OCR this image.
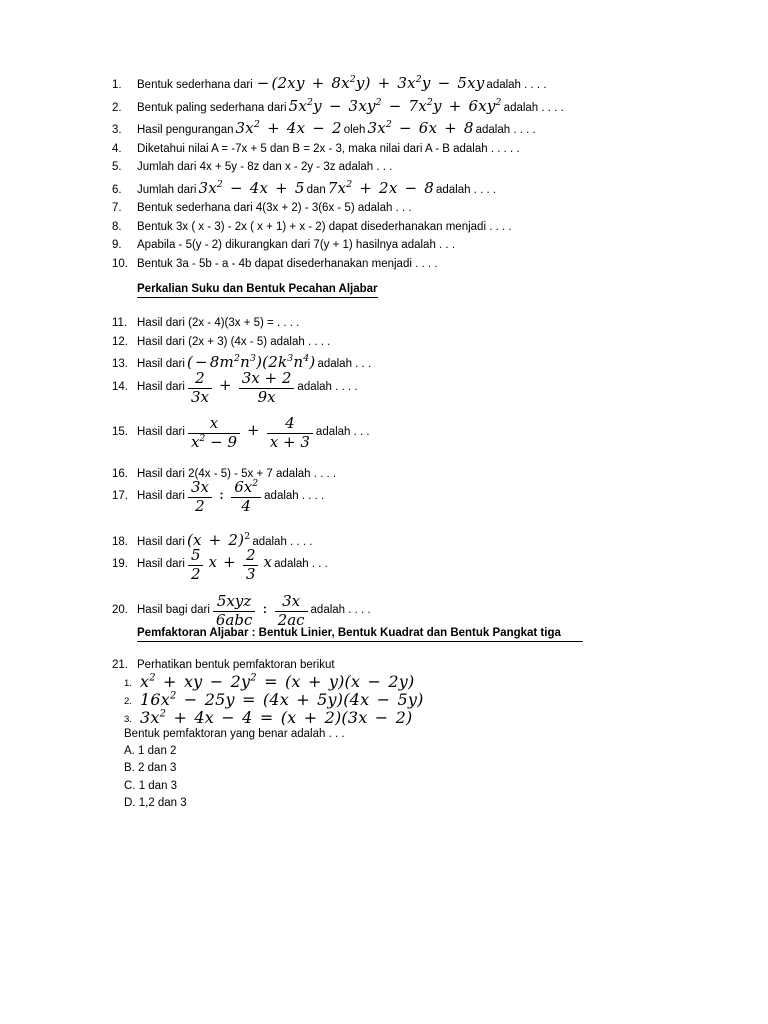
1.	Bentuk sederhana dari − $(2xy + 8x^2y) + 3x^2y - 5xy$ adalah . . . .
2.	Bentuk paling sederhana dari $5x^2y - 3xy^2 - 7x^2y + 6xy^2$ adalah . . . .
3.	Hasil pengurangan $3x^2 + 4x - 2$ oleh $3x^2 - 6x + 8$ adalah . . . .
4.	Diketahui nilai A = -7x + 5 dan B = 2x - 3, maka nilai dari A - B adalah . . . . .
5.	Jumlah dari 4x + 5y - 8z dan x - 2y - 3z adalah . . .
6.	Jumlah dari $3x^2 - 4x + 5$ dan $7x^2 + 2x - 8$ adalah . . . .
7.	Bentuk sederhana dari 4(3x + 2) - 3(6x - 5) adalah . . .
8.	Bentuk 3x ( x - 3) - 2x ( x + 1) + x - 2) dapat disederhanakan menjadi . . . .
9.	Apabila - 5(y - 2) dikurangkan dari 7(y + 1) hasilnya adalah . . .
10. Bentuk 3a - 5b - a - 4b dapat disederhanakan menjadi . . . .
Perkalian Suku dan Bentuk Pecahan Aljabar
11. Hasil dari (2x - 4)(3x + 5) = . . . .
12. Hasil dari (2x + 3) (4x - 5) adalah . . . .
13. Hasil dari ( − $8m^2n^3)(2k^3n^4)$ adalah . . .
14. Hasil dari $\frac{2}{3x} + \frac{3x + 2}{9x}$ adalah . . . .
15. Hasil dari $\frac{x}{x^2 - 9} + \frac{4}{x + 3}$ adalah . . .
16. Hasil dari 2(4x - 5) - 5x + 7 adalah . . . .
17. Hasil dari $\frac{3x}{2}$ : $\frac{6x^2}{4}$ adalah . . . .
18. Hasil dari $(x + 2)^2$ adalah . . . .
19. Hasil dari $\frac{5}{2}$ $x + \frac{2}{3}$ x adalah . . .
20. Hasil bagi dari $\frac{\text{5xyz}}{\text{6abc}}$ : $\frac{3x}{2ac}$ adalah . . . .
Pemfaktoran Aljabar : Bentuk Linier, Bentuk Kuadrat dan Bentuk Pangkat tiga
21. Perhatikan bentuk pemfaktoran berikut
1. $x^2$ + xy − $2y^2 = (x + y)(x - 2y)$
2. $16x^2 - 25y = (4x + 5y)(4x - 5y)$
3. $3x^2 + 4x - 4 = (x + 2)(3x - 2)$
Bentuk pemfaktoran yang benar adalah . . .
A. 1 dan 2
B. 2 dan 3
C. 1 dan 3
D. 1,2 dan 3
